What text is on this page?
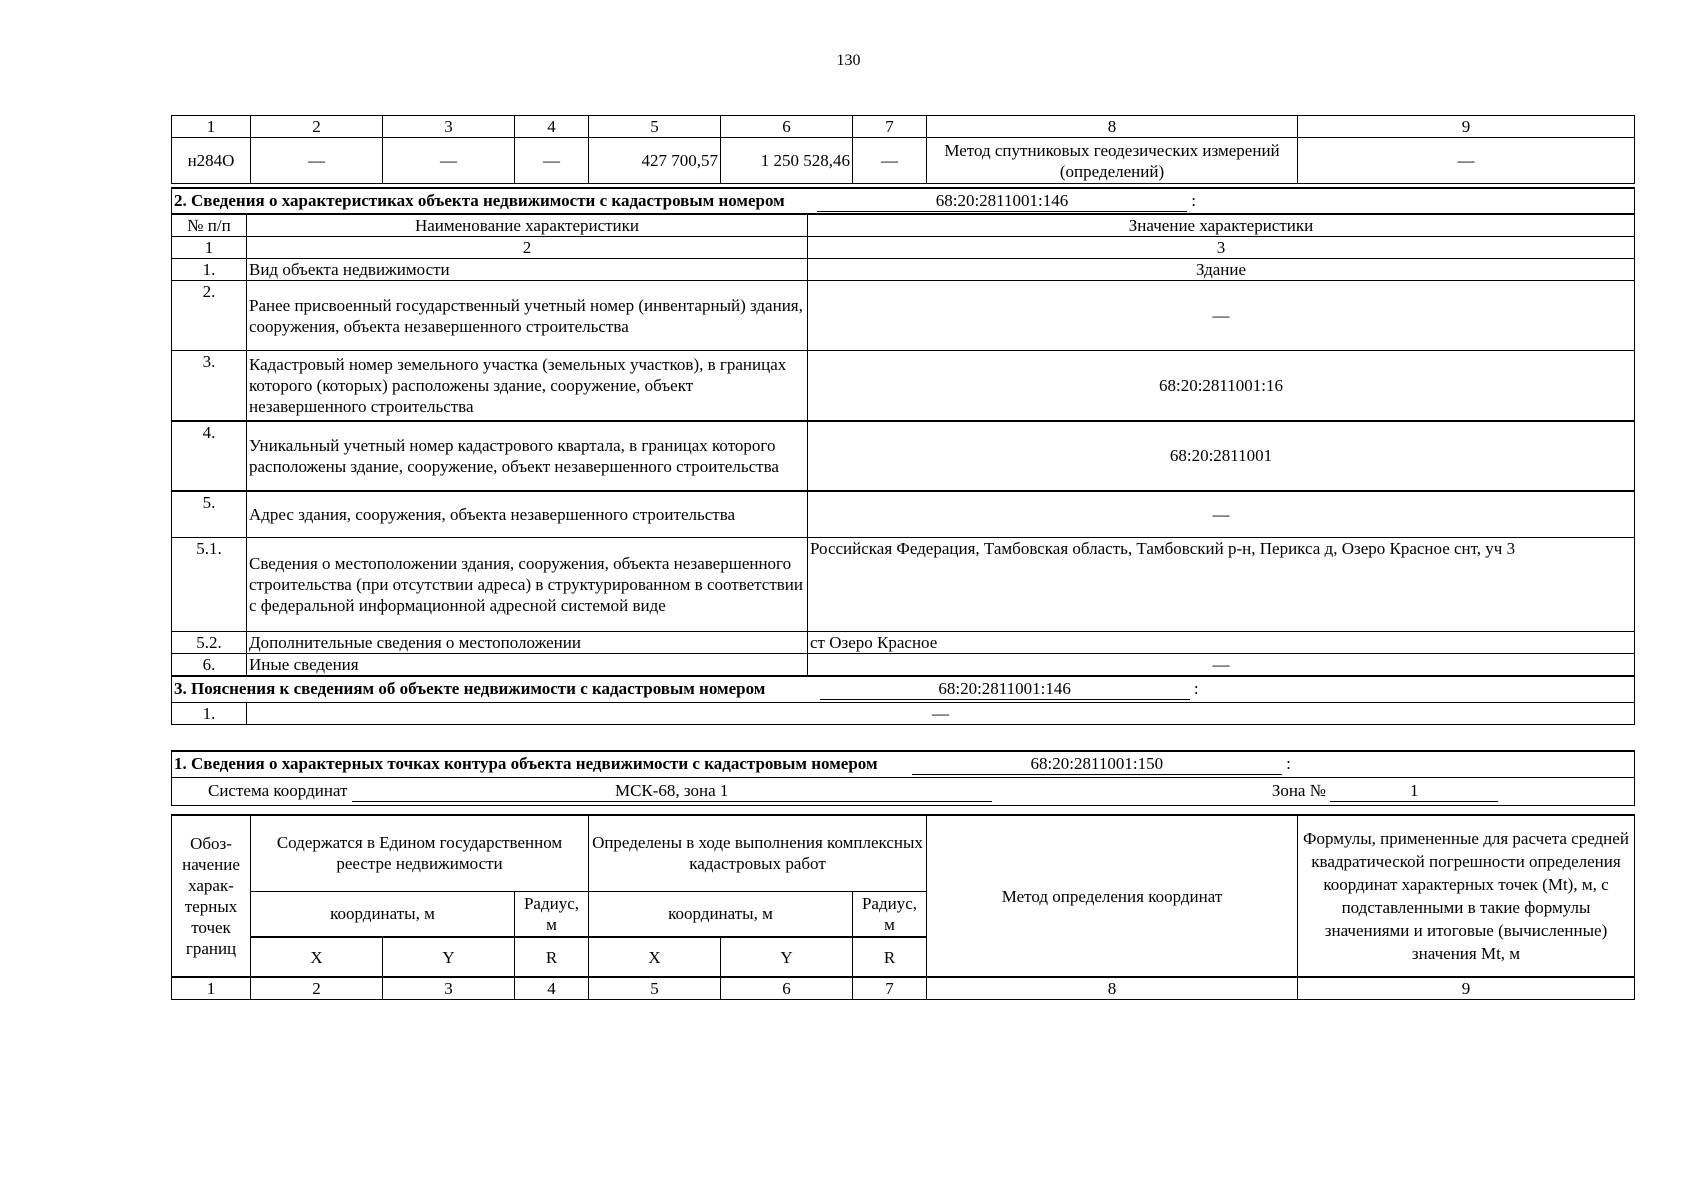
130
1	2	3	4	5	6	7	8	9
н284О	—	—	—	427 700,57	1 250 528,46	—	Метод спутниковых геодезических измерений (определений)	—
2. Сведения о характеристиках объекта недвижимости с кадастровым номером 68:20:2811001:146 :		
№ п/п	Наименование характеристики	Значение характеристики
1	2	3
1.	Вид объекта недвижимости	Здание
2.	Ранее присвоенный государственный учетный номер (инвентарный) здания, сооружения, объекта незавершенного строительства	—
3.	Кадастровый номер земельного участка (земельных участков), в границах которого (которых) расположены здание, сооружение, объект незавершенного строительства	68:20:2811001:16
4.	Уникальный учетный номер кадастрового квартала, в границах которого расположены здание, сооружение, объект незавершенного строительства	68:20:2811001
5.	Адрес здания, сооружения, объекта незавершенного строительства	—
5.1.	Сведения о местоположении здания, сооружения, объекта незавершенного строительства (при отсутствии адреса) в структурированном в соответствии с федеральной информационной адресной системой виде	Российская Федерация, Тамбовская область, Тамбовский р-н, Перикса д, Озеро Красное снт, уч 3
5.2.	Дополнительные сведения о местоположении	ст Озеро Красное
6.	Иные сведения	—
3. Пояснения к сведениям об объекте недвижимости с кадастровым номером 68:20:2811001:146 :		
1.	—	
1. Сведения о характерных точках контура объекта недвижимости с кадастровым номером	68:20:2811001:150	:
Система координат	МСК-68, зона 1	Зона №	1
Обоз-начение харак-терных точек границ	Содержатся в Едином государственном реестре недвижимости			Определены в ходе выполнения комплексных кадастровых работ			Метод определения координат	Формулы, примененные для расчета средней квадратической погрешности определения координат характерных точек (Mt), м, с подставленными в такие формулы значениями и итоговые (вычисленные) значения Mt, м
	координаты, м		Радиус, м	координаты, м		Радиус, м		
	X	Y	R	X	Y	R		
1	2	3	4	5	6	7	8	9
